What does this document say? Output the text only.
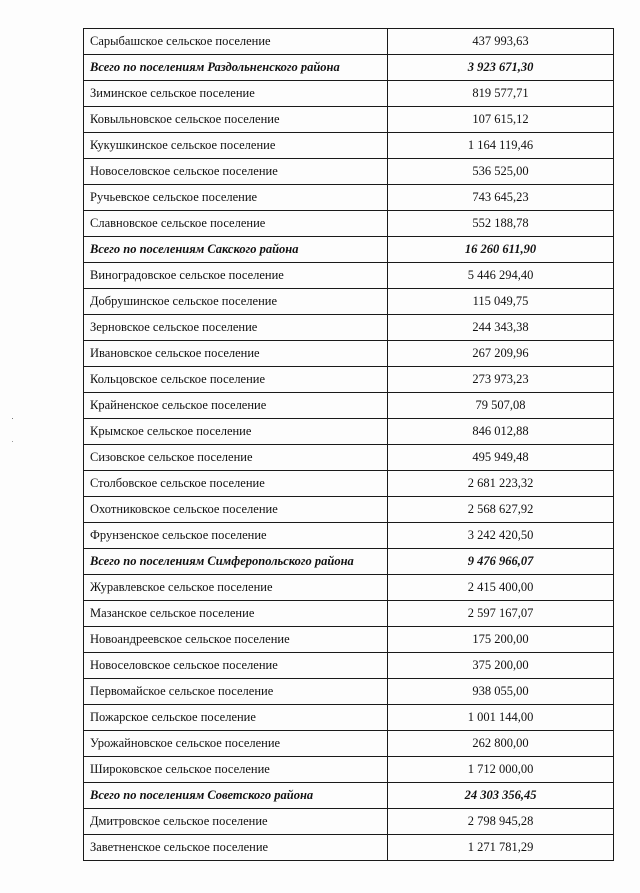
Сарыбашское сельское поселение	437 993,63
Всего по поселениям Раздольненского района	3 923 671,30
Зиминское сельское поселение	819 577,71
Ковыльновское сельское поселение	107 615,12
Кукушкинское сельское поселение	1 164 119,46
Новоселовское сельское поселение	536 525,00
Ручьевское сельское поселение	743 645,23
Славновское сельское поселение	552 188,78
Всего по поселениям Сакского района	16 260 611,90
Виноградовское сельское поселение	5 446 294,40
Добрушинское сельское поселение	115 049,75
Зерновское сельское поселение	244 343,38
Ивановское сельское поселение	267 209,96
Кольцовское сельское поселение	273 973,23
Крайненское сельское поселение	79 507,08
Крымское сельское поселение	846 012,88
Сизовское сельское поселение	495 949,48
Столбовское сельское поселение	2 681 223,32
Охотниковское сельское поселение	2 568 627,92
Фрунзенское сельское поселение	3 242 420,50
Всего по поселениям Симферопольского района	9 476 966,07
Журавлевское сельское поселение	2 415 400,00
Мазанское сельское поселение	2 597 167,07
Новоандреевское сельское поселение	175 200,00
Новоселовское сельское поселение	375 200,00
Первомайское сельское поселение	938 055,00
Пожарское сельское поселение	1 001 144,00
Урожайновское сельское поселение	262 800,00
Широковское сельское поселение	1 712 000,00
Всего по поселениям Советского района	24 303 356,45
Дмитровское сельское поселение	2 798 945,28
Заветненское сельское поселение	1 271 781,29
